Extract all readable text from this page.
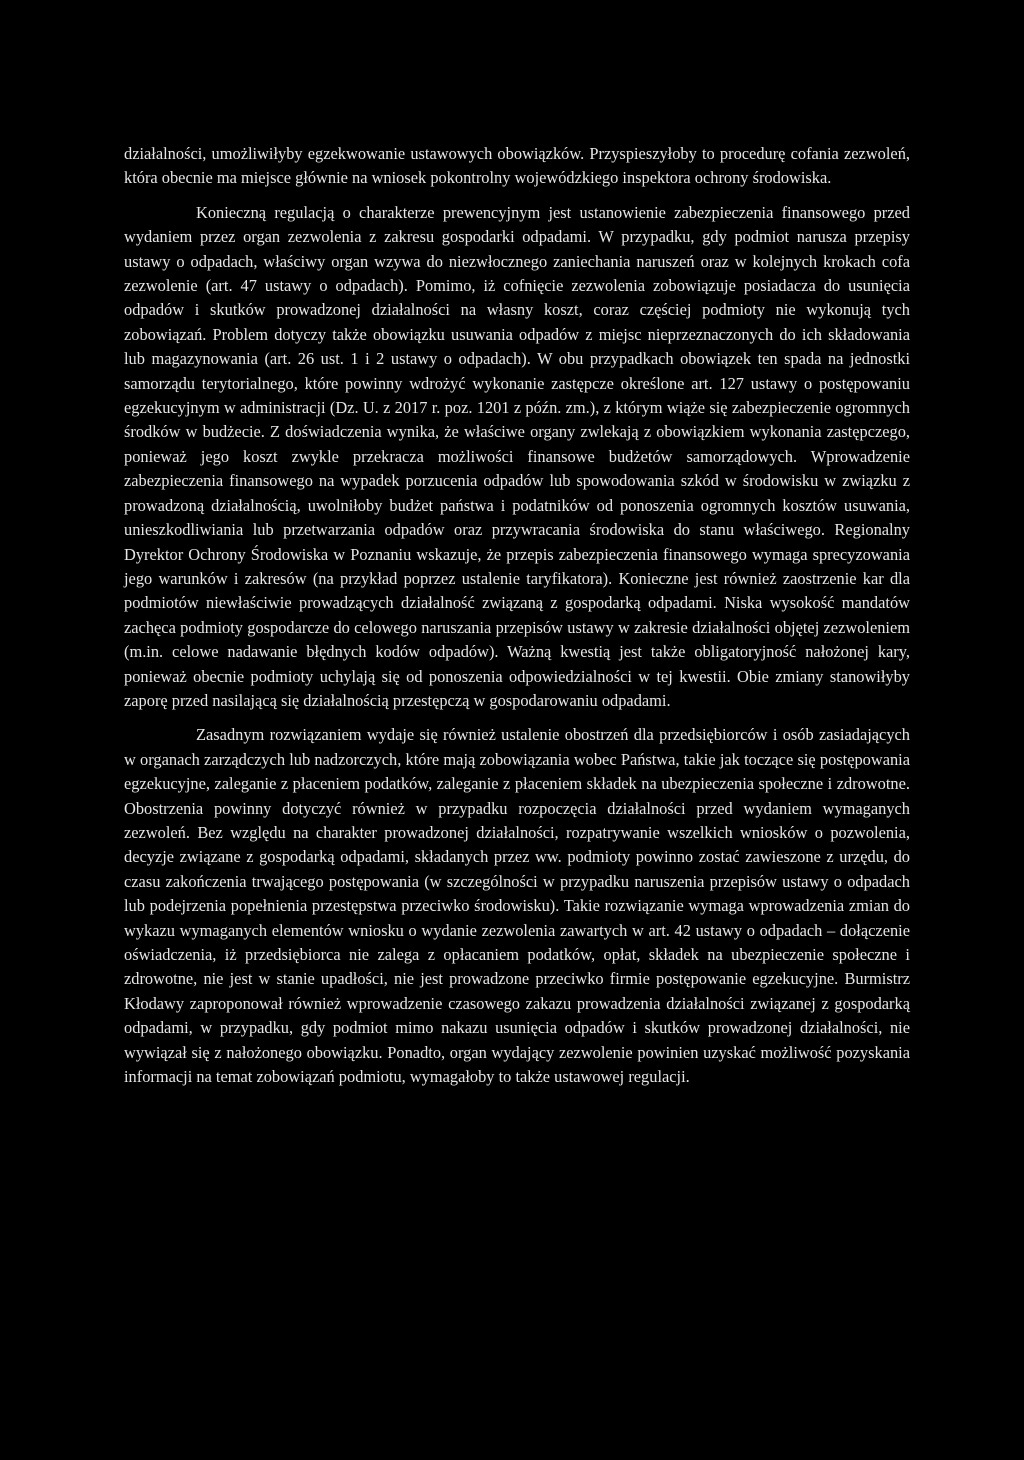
działalności, umożliwiłyby egzekwowanie ustawowych obowiązków. Przyspieszyłoby to procedurę cofania zezwoleń, która obecnie ma miejsce głównie na wniosek pokontrolny wojewódzkiego inspektora ochrony środowiska.

Konieczną regulacją o charakterze prewencyjnym jest ustanowienie zabezpieczenia finansowego przed wydaniem przez organ zezwolenia z zakresu gospodarki odpadami. W przypadku, gdy podmiot narusza przepisy ustawy o odpadach, właściwy organ wzywa do niezwłocznego zaniechania naruszeń oraz w kolejnych krokach cofa zezwolenie (art. 47 ustawy o odpadach). Pomimo, iż cofnięcie zezwolenia zobowiązuje posiadacza do usunięcia odpadów i skutków prowadzonej działalności na własny koszt, coraz częściej podmioty nie wykonują tych zobowiązań. Problem dotyczy także obowiązku usuwania odpadów z miejsc nieprzeznaczonych do ich składowania lub magazynowania (art. 26 ust. 1 i 2 ustawy o odpadach). W obu przypadkach obowiązek ten spada na jednostki samorządu terytorialnego, które powinny wdrożyć wykonanie zastępcze określone art. 127 ustawy o postępowaniu egzekucyjnym w administracji (Dz. U. z 2017 r. poz. 1201 z późn. zm.), z którym wiąże się zabezpieczenie ogromnych środków w budżecie. Z doświadczenia wynika, że właściwe organy zwlekają z obowiązkiem wykonania zastępczego, ponieważ jego koszt zwykle przekracza możliwości finansowe budżetów samorządowych. Wprowadzenie zabezpieczenia finansowego na wypadek porzucenia odpadów lub spowodowania szkód w środowisku w związku z prowadzoną działalnością, uwolniłoby budżet państwa i podatników od ponoszenia ogromnych kosztów usuwania, unieszkodliwiania lub przetwarzania odpadów oraz przywracania środowiska do stanu właściwego. Regionalny Dyrektor Ochrony Środowiska w Poznaniu wskazuje, że przepis zabezpieczenia finansowego wymaga sprecyzowania jego warunków i zakresów (na przykład poprzez ustalenie taryfikatora). Konieczne jest również zaostrzenie kar dla podmiotów niewłaściwie prowadzących działalność związaną z gospodarką odpadami. Niska wysokość mandatów zachęca podmioty gospodarcze do celowego naruszania przepisów ustawy w zakresie działalności objętej zezwoleniem (m.in. celowe nadawanie błędnych kodów odpadów). Ważną kwestią jest także obligatoryjność nałożonej kary, ponieważ obecnie podmioty uchylają się od ponoszenia odpowiedzialności w tej kwestii. Obie zmiany stanowiłyby zaporę przed nasilającą się działalnością przestępczą w gospodarowaniu odpadami.

Zasadnym rozwiązaniem wydaje się również ustalenie obostrzeń dla przedsiębiorców i osób zasiadających w organach zarządczych lub nadzorczych, które mają zobowiązania wobec Państwa, takie jak toczące się postępowania egzekucyjne, zaleganie z płaceniem podatków, zaleganie z płaceniem składek na ubezpieczenia społeczne i zdrowotne. Obostrzenia powinny dotyczyć również w przypadku rozpoczęcia działalności przed wydaniem wymaganych zezwoleń. Bez względu na charakter prowadzonej działalności, rozpatrywanie wszelkich wniosków o pozwolenia, decyzje związane z gospodarką odpadami, składanych przez ww. podmioty powinno zostać zawieszone z urzędu, do czasu zakończenia trwającego postępowania (w szczególności w przypadku naruszenia przepisów ustawy o odpadach lub podejrzenia popełnienia przestępstwa przeciwko środowisku). Takie rozwiązanie wymaga wprowadzenia zmian do wykazu wymaganych elementów wniosku o wydanie zezwolenia zawartych w art. 42 ustawy o odpadach – dołączenie oświadczenia, iż przedsiębiorca nie zalega z opłacaniem podatków, opłat, składek na ubezpieczenie społeczne i zdrowotne, nie jest w stanie upadłości, nie jest prowadzone przeciwko firmie postępowanie egzekucyjne. Burmistrz Kłodawy zaproponował również wprowadzenie czasowego zakazu prowadzenia działalności związanej z gospodarką odpadami, w przypadku, gdy podmiot mimo nakazu usunięcia odpadów i skutków prowadzonej działalności, nie wywiązał się z nałożonego obowiązku. Ponadto, organ wydający zezwolenie powinien uzyskać możliwość pozyskania informacji na temat zobowiązań podmiotu, wymagałoby to także ustawowej regulacji.
